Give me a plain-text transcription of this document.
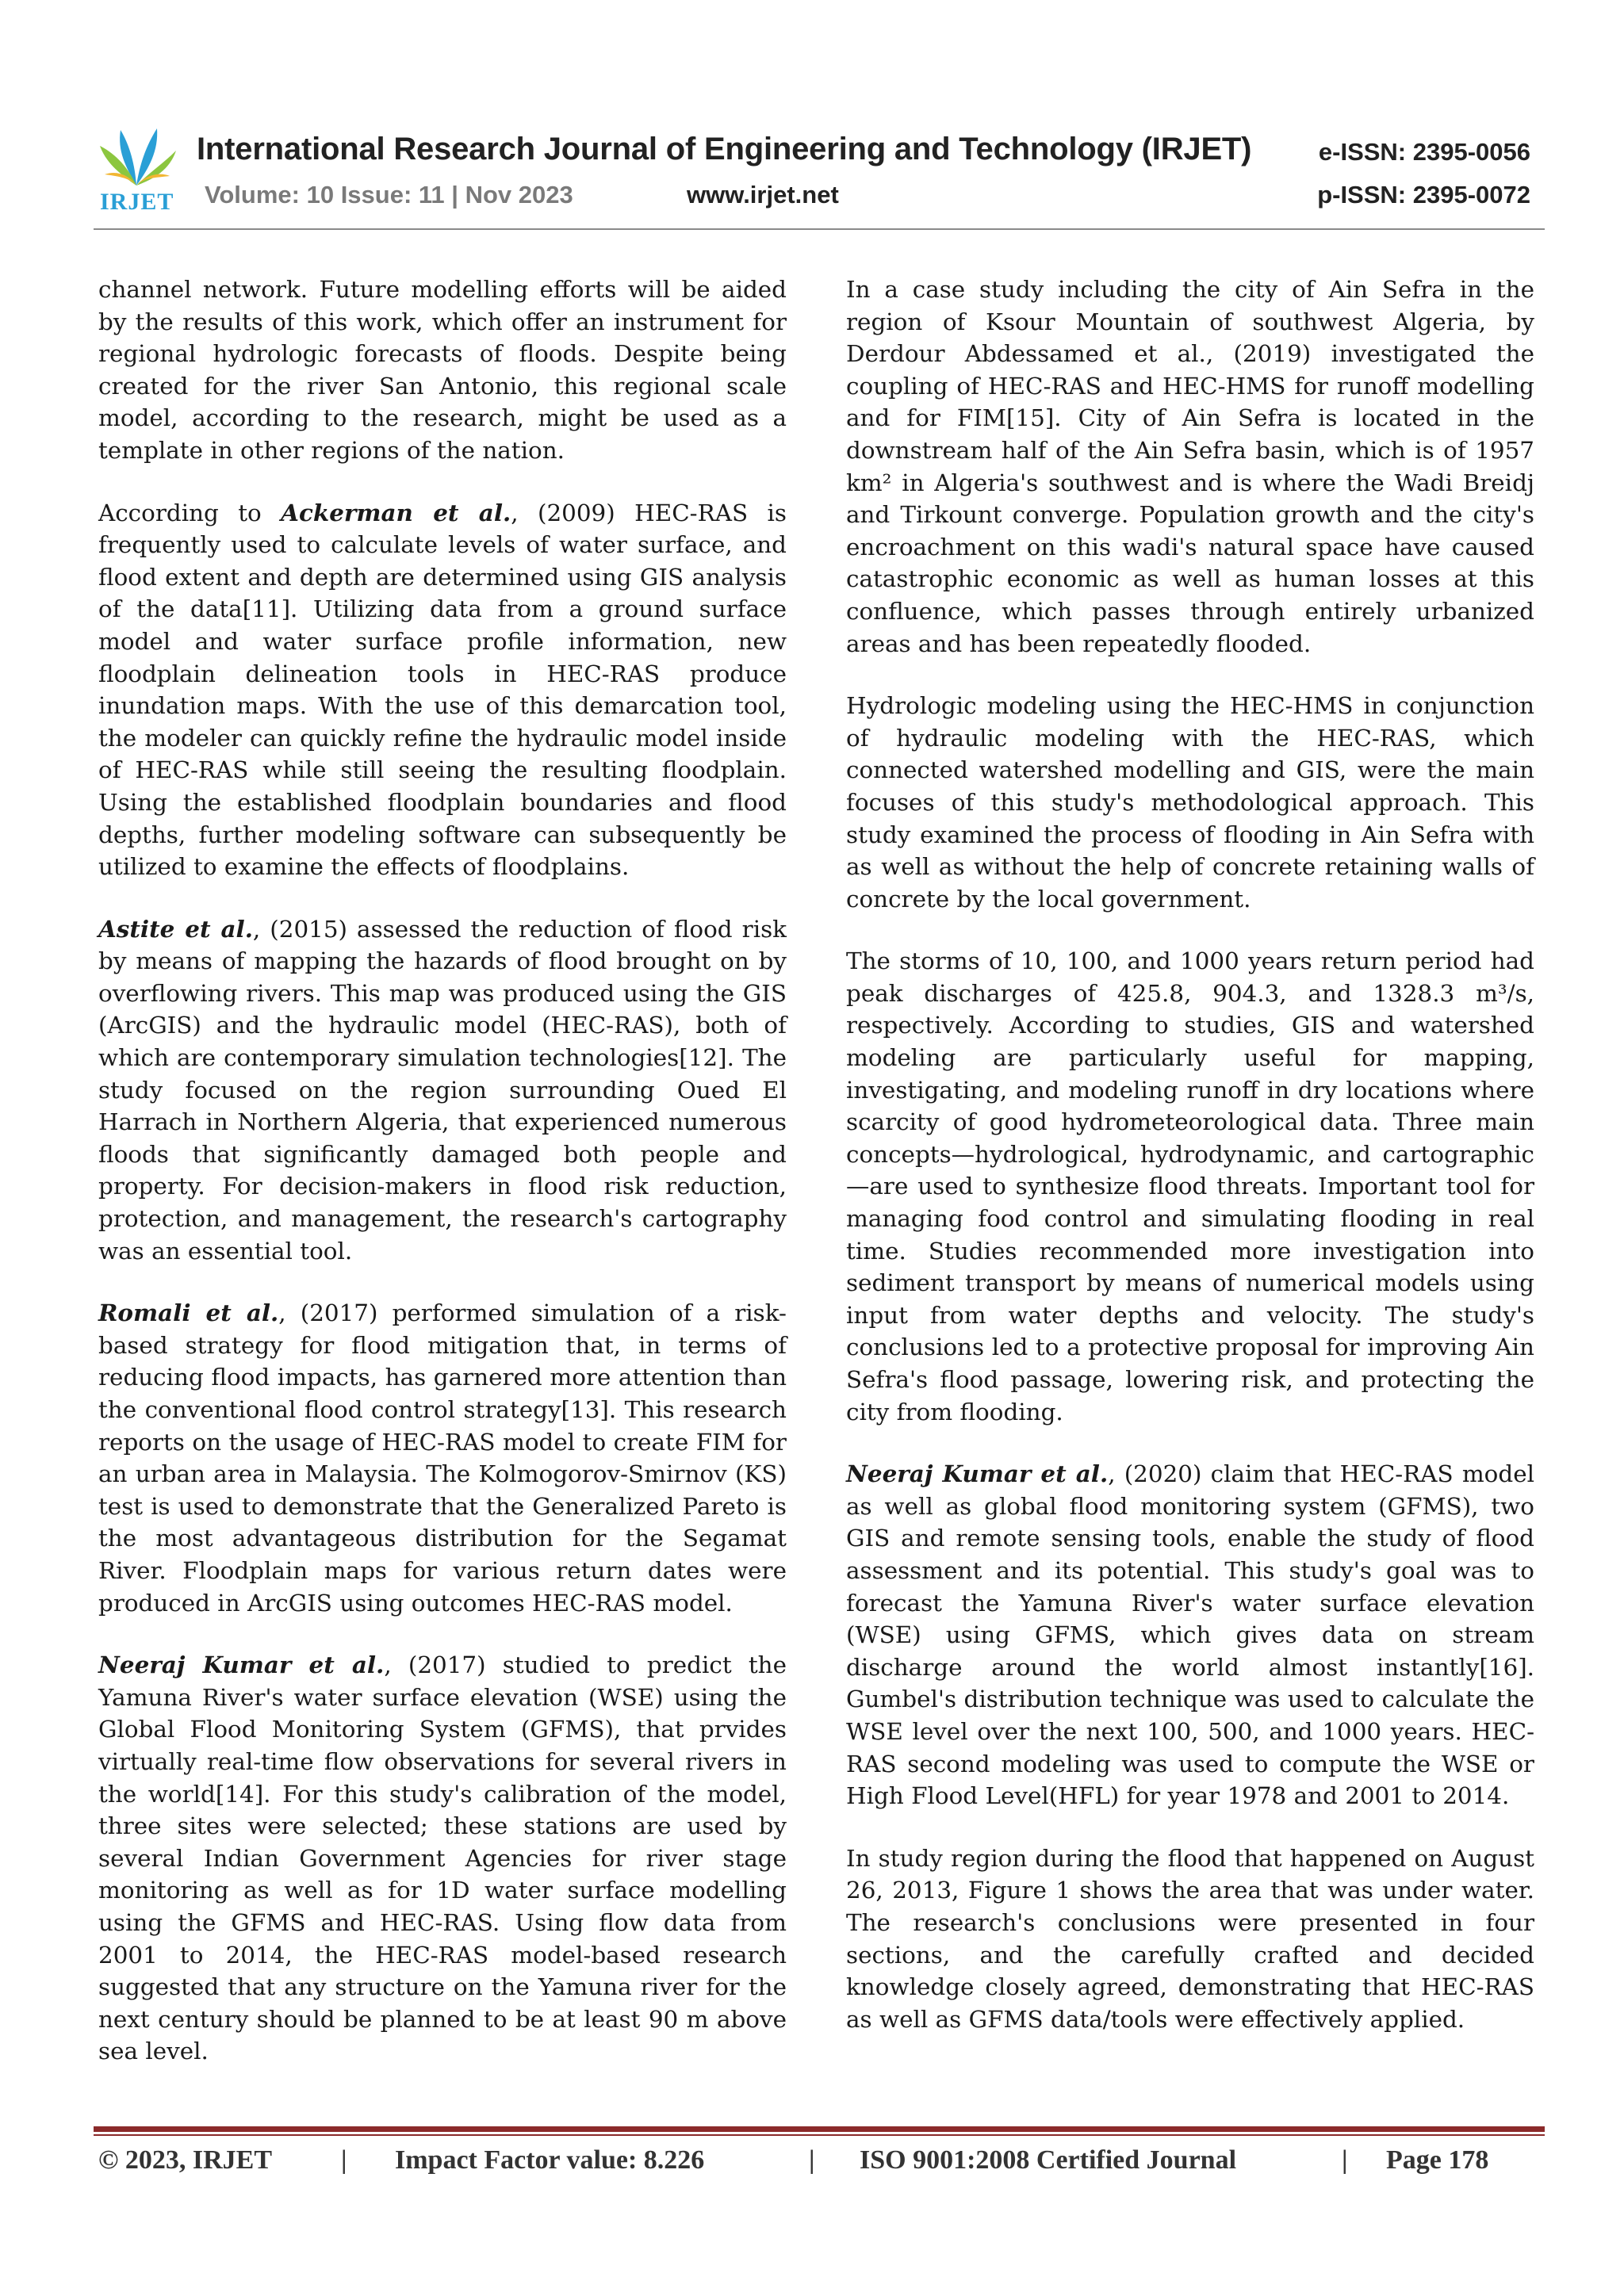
IRJET
International Research Journal of Engineering and Technology (IRJET)
Volume: 10 Issue: 11 | Nov 2023	www.irjet.net
e-ISSN: 2395-0056
p-ISSN: 2395-0072

channel network. Future modelling efforts will be aided by the results of this work, which offer an instrument for regional hydrologic forecasts of floods. Despite being created for the river San Antonio, this regional scale model, according to the research, might be used as a template in other regions of the nation.

According to Ackerman et al., (2009) HEC-RAS is frequently used to calculate levels of water surface, and flood extent and depth are determined using GIS analysis of the data[11]. Utilizing data from a ground surface model and water surface profile information, new floodplain delineation tools in HEC-RAS produce inundation maps. With the use of this demarcation tool, the modeler can quickly refine the hydraulic model inside of HEC-RAS while still seeing the resulting floodplain. Using the established floodplain boundaries and flood depths, further modeling software can subsequently be utilized to examine the effects of floodplains.

Astite et al., (2015) assessed the reduction of flood risk by means of mapping the hazards of flood brought on by overflowing rivers. This map was produced using the GIS (ArcGIS) and the hydraulic model (HEC-RAS), both of which are contemporary simulation technologies[12]. The study focused on the region surrounding Oued El Harrach in Northern Algeria, that experienced numerous floods that significantly damaged both people and property. For decision-makers in flood risk reduction, protection, and management, the research's cartography was an essential tool.

Romali et al., (2017) performed simulation of a risk-based strategy for flood mitigation that, in terms of reducing flood impacts, has garnered more attention than the conventional flood control strategy[13]. This research reports on the usage of HEC-RAS model to create FIM for an urban area in Malaysia. The Kolmogorov-Smirnov (KS) test is used to demonstrate that the Generalized Pareto is the most advantageous distribution for the Segamat River. Floodplain maps for various return dates were produced in ArcGIS using outcomes HEC-RAS model.

Neeraj Kumar et al., (2017) studied to predict the Yamuna River's water surface elevation (WSE) using the Global Flood Monitoring System (GFMS), that prvides virtually real-time flow observations for several rivers in the world[14]. For this study's calibration of the model, three sites were selected; these stations are used by several Indian Government Agencies for river stage monitoring as well as for 1D water surface modelling using the GFMS and HEC-RAS. Using flow data from 2001 to 2014, the HEC-RAS model-based research suggested that any structure on the Yamuna river for the next century should be planned to be at least 90 m above sea level.

In a case study including the city of Ain Sefra in the region of Ksour Mountain of southwest Algeria, by Derdour Abdessamed et al., (2019) investigated the coupling of HEC-RAS and HEC-HMS for runoff modelling and for FIM[15]. City of Ain Sefra is located in the downstream half of the Ain Sefra basin, which is of 1957 km² in Algeria's southwest and is where the Wadi Breidj and Tirkount converge. Population growth and the city's encroachment on this wadi's natural space have caused catastrophic economic as well as human losses at this confluence, which passes through entirely urbanized areas and has been repeatedly flooded.

Hydrologic modeling using the HEC-HMS in conjunction of hydraulic modeling with the HEC-RAS, which connected watershed modelling and GIS, were the main focuses of this study's methodological approach. This study examined the process of flooding in Ain Sefra with as well as without the help of concrete retaining walls of concrete by the local government.

The storms of 10, 100, and 1000 years return period had peak discharges of 425.8, 904.3, and 1328.3 m³/s, respectively. According to studies, GIS and watershed modeling are particularly useful for mapping, investigating, and modeling runoff in dry locations where scarcity of good hydrometeorological data. Three main concepts—hydrological, hydrodynamic, and cartographic—are used to synthesize flood threats. Important tool for managing food control and simulating flooding in real time. Studies recommended more investigation into sediment transport by means of numerical models using input from water depths and velocity. The study's conclusions led to a protective proposal for improving Ain Sefra's flood passage, lowering risk, and protecting the city from flooding.

Neeraj Kumar et al., (2020) claim that HEC-RAS model as well as global flood monitoring system (GFMS), two GIS and remote sensing tools, enable the study of flood assessment and its potential. This study's goal was to forecast the Yamuna River's water surface elevation (WSE) using GFMS, which gives data on stream discharge around the world almost instantly[16]. Gumbel's distribution technique was used to calculate the WSE level over the next 100, 500, and 1000 years. HEC-RAS second modeling was used to compute the WSE or High Flood Level(HFL) for year 1978 and 2001 to 2014.

In study region during the flood that happened on August 26, 2013, Figure 1 shows the area that was under water. The research's conclusions were presented in four sections, and the carefully crafted and decided knowledge closely agreed, demonstrating that HEC-RAS as well as GFMS data/tools were effectively applied.

© 2023, IRJET	| Impact Factor value: 8.226	| ISO 9001:2008 Certified Journal	| Page 178
